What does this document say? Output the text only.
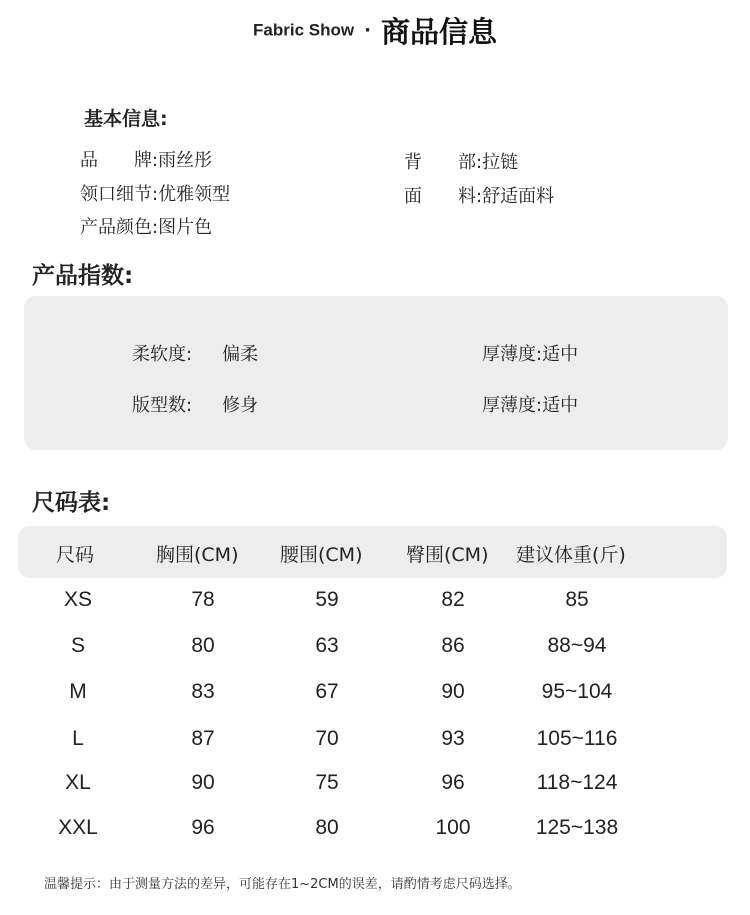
Fabric Show · 商品信息
基本信息:
品　　牌:雨丝彤	背　　部:拉链
领口细节:优雅领型	面　　料:舒适面料
产品颜色:图片色
产品指数:
柔软度: 偏柔	厚薄度:适中
版型数: 修身	厚薄度:适中
尺码表:
尺码	胸围(CM) 腰围(CM) 臀围(CM) 建议体重(斤)
XS	78	59	82	85
S	80	63	86	88~94
M	83	67	90	95~104
L	87	70	93	105~116
XL	90	75	96	118~124
XXL	96	80	100	125~138
温馨提示：由于测量方法的差异，可能存在1~2CM的误差，请酌情考虑尺码选择。
